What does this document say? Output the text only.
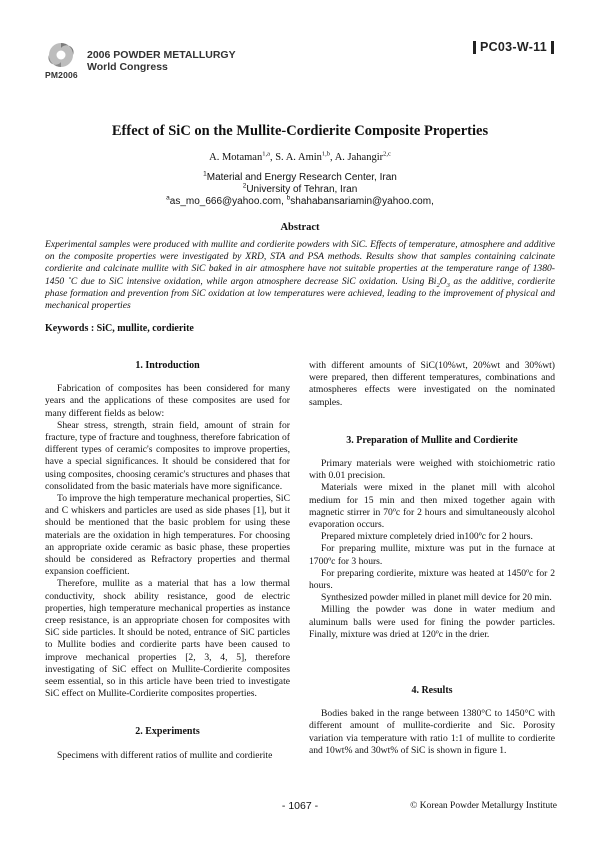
PM2006
2006 POWDER METALLURGY
World Congress
PC03-W-11
Effect of SiC on the Mullite-Cordierite Composite Properties
A. Motaman$^{1,a}$, S. A. Amin$^{1,b}$, A. Jahangir$^{2,c}$
$^1$Material and Energy Research Center, Iran
$^2$University of Tehran, Iran
$^a$as_mo_666@yahoo.com, $^b$shahabansariamin@yahoo.com,
Abstract
Experimental samples were produced with mullite and cordierite powders with SiC. Effects of temperature, atmosphere and additive on the composite properties were investigated by XRD, STA and PSA methods. Results show that samples containing calcinate cordierite and calcinate mullite with SiC baked in air atmosphere have not suitable properties at the temperature range of 1380-1450 ˚C due to SiC intensive oxidation, while argon atmosphere decrease SiC oxidation. Using $Bi_2O_3$ as the additive, cordierite phase formation and prevention from SiC oxidation at low temperatures were achieved, leading to the improvement of physical and mechanical properties
Keywords : SiC, mullite, cordierite
1. Introduction

Fabrication of composites has been considered for many years and the applications of these composites are used for many different fields as below:

Shear stress, strength, strain field, amount of strain for fracture, type of fracture and toughness, therefore fabrication of different types of ceramic's composites to improve properties, have a special significances. It should be considered that for using composites, choosing ceramic's structures and phases that consolidated from the basic materials have more significance.

To improve the high temperature mechanical properties, SiC and C whiskers and particles are used as side phases [1], but it should be mentioned that the basic problem for using these materials are the oxidation in high temperatures. For choosing an appropriate oxide ceramic as basic phase, these properties should be considered as Refractory properties and thermal expansion coefficient.

Therefore, mullite as a material that has a low thermal conductivity, shock ability resistance, good de electric properties, high temperature mechanical properties as instance creep resistance, is an appropriate chosen for composites with SiC side particles. It should be noted, entrance of SiC particles to Mullite bodies and cordierite parts have been caused to improve mechanical properties [2, 3, 4, 5], therefore investigating of SiC effect on Mullite-Cordierite composites seem essential, so in this article have been tried to investigate SiC effect on Mullite-Cordierite composites properties.

2. Experiments

Specimens with different ratios of mullite and cordierite

with different amounts of SiC(10%wt, 20%wt and 30%wt) were prepared, then different temperatures, combinations and atmospheres effects were investigated on the nominated samples.

3. Preparation of Mullite and Cordierite

Primary materials were weighed with stoichiometric ratio with 0.01 precision.

Materials were mixed in the planet mill with alcohol medium for 15 min and then mixed together again with magnetic stirrer in 70ºc for 2 hours and simultaneously alcohol evaporation occurs.

Prepared mixture completely dried in100ºc for 2 hours.

For preparing mullite, mixture was put in the furnace at 1700ºc for 3 hours.

For preparing cordierite, mixture was heated at 1450ºc for 2 hours.

Synthesized powder milled in planet mill device for 20 min.

Milling the powder was done in water medium and aluminum balls were used for fining the powder particles. Finally, mixture was dried at 120ºc in the drier.

4. Results

Bodies baked in the range between 1380°C to 1450°C with different amount of mullite-cordierite and Sic. Porosity variation via temperature with ratio 1:1 of mullite to cordierite and 10wt% and 30wt% of SiC is shown in figure 1.

- 1067 -	© Korean Powder Metallurgy Institute
